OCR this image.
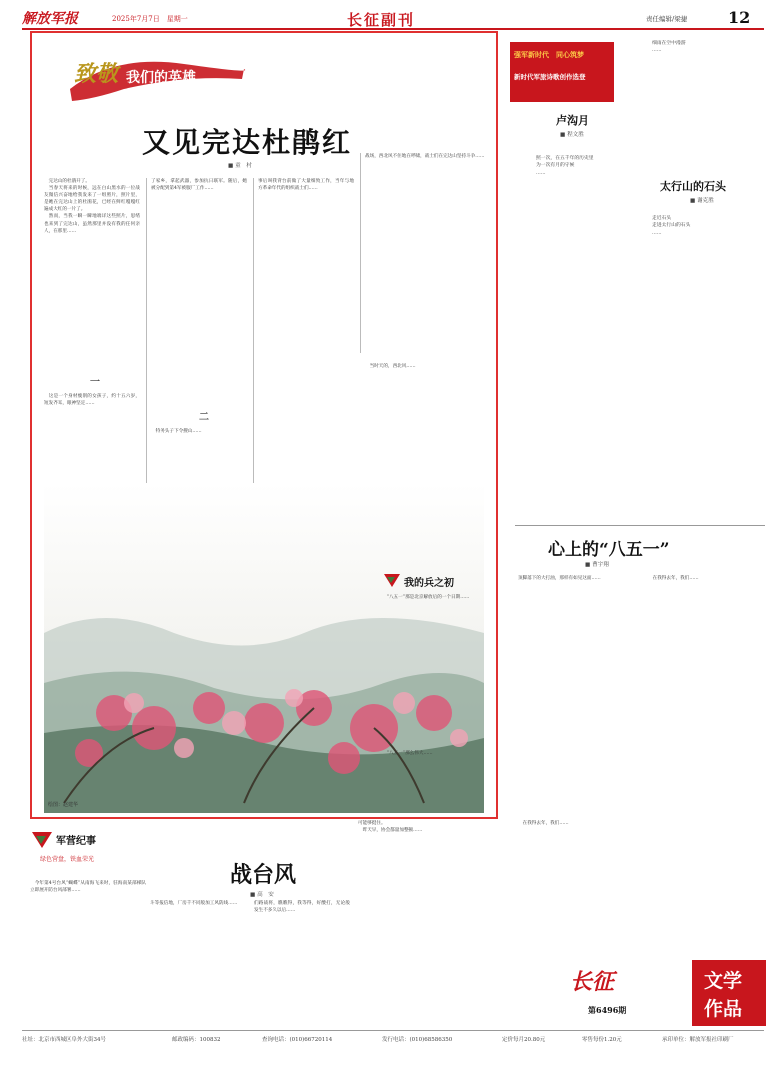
解放军报	2025年7月7日　星期一	长征副刊	责任编辑/梁捷	12
致敬 我们的英雄
又见完达杜鹃红
■ 童　村
　完达山的杜鹃开了。
　当春天将来的时候，远在白山黑水的一位战友微信兴奋地给我发来了一组照片，照片里，是她在完达山上的杜鹃花，已经在鲜红嘎嘎红遍成大红的一片了。
　然而，当我一瞬一瞬地端详这些照片，思绪也来到了完达山，虽然那里并没有我的任何亲人，在那里……
了家乡，拿起武器，参加抗日联军。随后，她被分配到第4军被服厂工作……
事后叫我背台前做了大量细致工作，当年与地方革命年代的组织战士们……
战场，西北风不住地在呼啸，战士们在完达山坚持斗争……
一
二
　这是一个身材瘦削的女孩子，约十五六岁，短发齐耳，眼神坚定……
　特务头子下令搜山……
　当时天的，西北风……
绘图：赵建华
军营纪事
绿色营盘，铁血荣光
战台风
■ 高　安
　今年第4号台风“蝴蝶”从南海飞来时，驻海南某部梯队立即展开防台风部署……
斗等报信地，厂房千不同般加工风防线……	们路战将，瞧瞧得，我等得，好酸打，无论般发生不多久以后……
可能够挺住。
　昨天早，协会都量加整顿……
我的兵之初
　“八五一”那是北京解放后的一个日期……
　“八五一”那么伟大……
强军新时代　同心筑梦
新时代军旅诗歌创作选登
卢沟月
■ 程文胜
照一次，在五千年的历史里
为一次有月的守候
……
细雨在空中漫游
……
太行山的石头
■ 谢克胜
走近石头
走进太行山的石头
……
心上的“八五一”
■ 曹宇翔
顶脚落下的大打油，那样有如见这面……	　在我得去年，我们……
　在我得去年，我们……
长征
第6496期
文学
作品
社址：北京市西城区阜外大街34号	邮政编码：100832	查询电话：(010)66720114	发行电话：(010)68586350	定价每月20.80元	零售每份1.20元	承印单位：解放军报社印刷厂
